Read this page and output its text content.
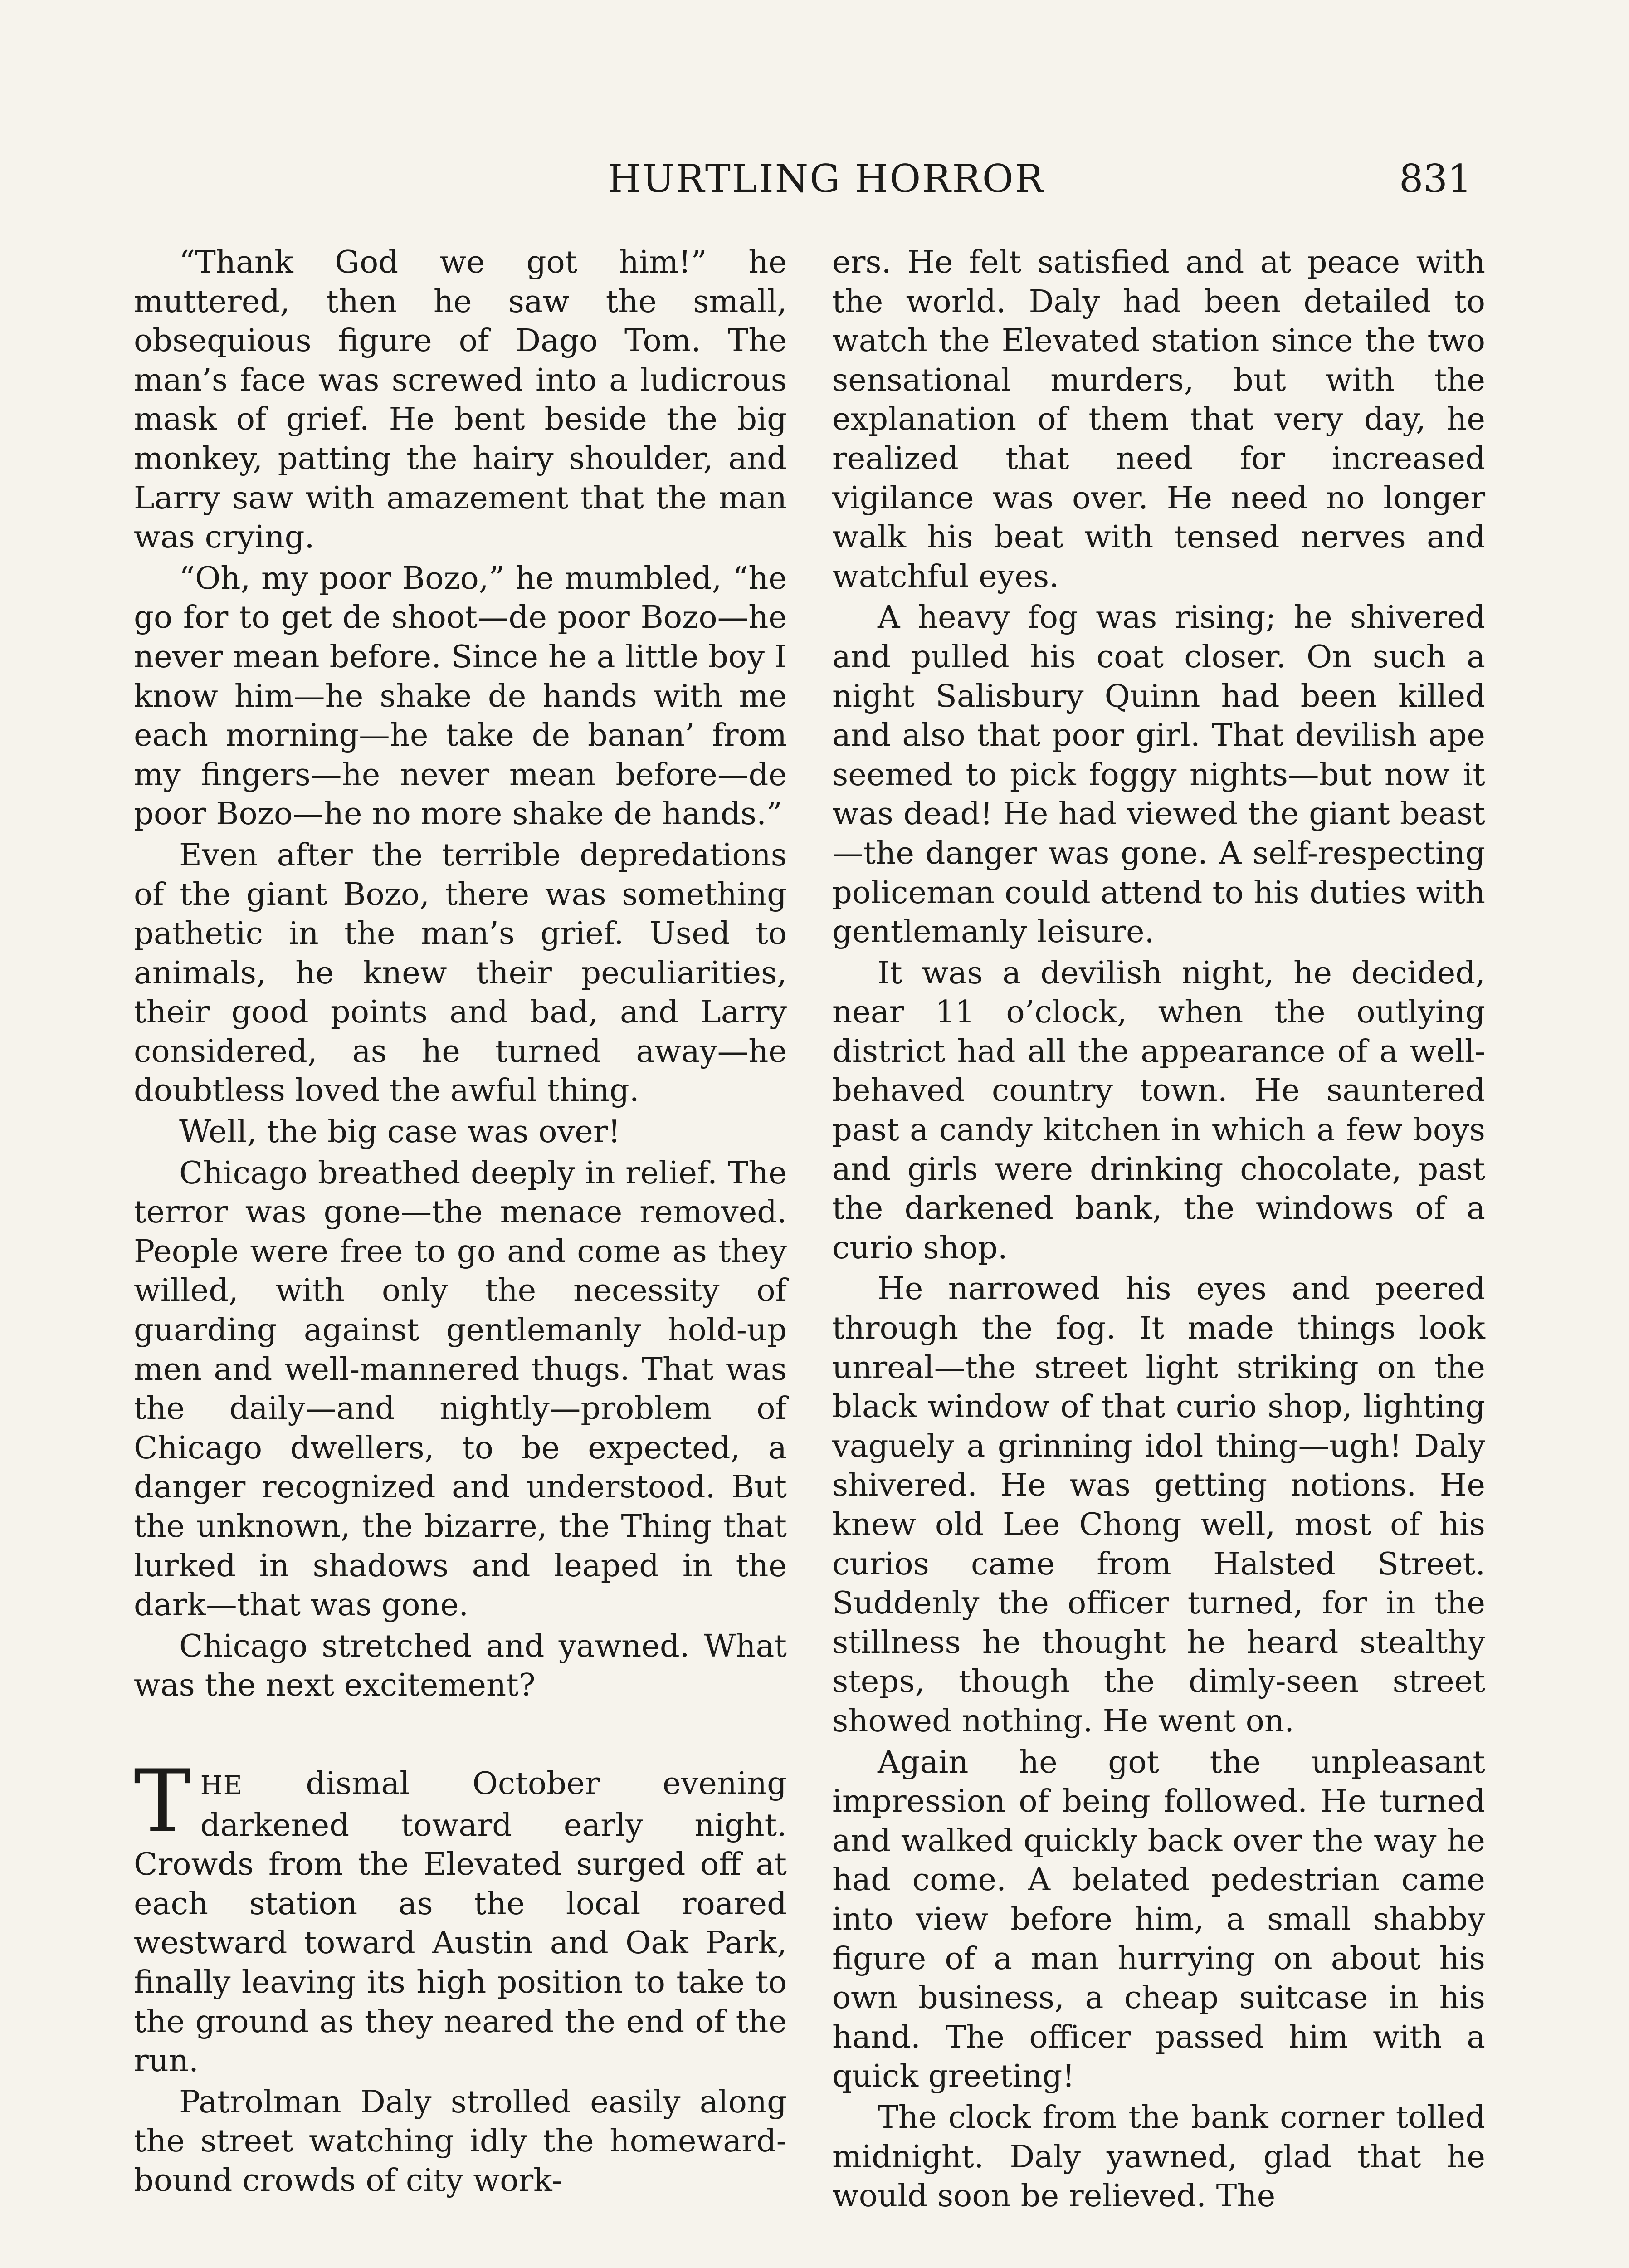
HURTLING HORROR	831

“Thank God we got him!” he muttered, then he saw the small, obsequious figure of Dago Tom. The man’s face was screwed into a ludicrous mask of grief. He bent beside the big monkey, patting the hairy shoulder, and Larry saw with amazement that the man was crying.

“Oh, my poor Bozo,” he mumbled, “he go for to get de shoot—de poor Bozo—he never mean before. Since he a little boy I know him—he shake de hands with me each morning—he take de banan’ from my fingers—he never mean before—de poor Bozo—he no more shake de hands.”

Even after the terrible depredations of the giant Bozo, there was something pathetic in the man’s grief. Used to animals, he knew their peculiarities, their good points and bad, and Larry considered, as he turned away—he doubtless loved the awful thing.

Well, the big case was over!

Chicago breathed deeply in relief. The terror was gone—the menace removed. People were free to go and come as they willed, with only the necessity of guarding against gentlemanly hold-up men and well-mannered thugs. That was the daily—and nightly—problem of Chicago dwellers, to be expected, a danger recognized and understood. But the unknown, the bizarre, the Thing that lurked in shadows and leaped in the dark—that was gone.

Chicago stretched and yawned. What was the next excitement?

THE dismal October evening darkened toward early night. Crowds from the Elevated surged off at each station as the local roared westward toward Austin and Oak Park, finally leaving its high position to take to the ground as they neared the end of the run.

Patrolman Daly strolled easily along the street watching idly the homeward-bound crowds of city work-

ers. He felt satisfied and at peace with the world. Daly had been detailed to watch the Elevated station since the two sensational murders, but with the explanation of them that very day, he realized that need for increased vigilance was over. He need no longer walk his beat with tensed nerves and watchful eyes.

A heavy fog was rising; he shivered and pulled his coat closer. On such a night Salisbury Quinn had been killed and also that poor girl. That devilish ape seemed to pick foggy nights—but now it was dead! He had viewed the giant beast—the danger was gone. A self-respecting policeman could attend to his duties with gentlemanly leisure.

It was a devilish night, he decided, near 11 o’clock, when the outlying district had all the appearance of a well-behaved country town. He sauntered past a candy kitchen in which a few boys and girls were drinking chocolate, past the darkened bank, the windows of a curio shop.

He narrowed his eyes and peered through the fog. It made things look unreal—the street light striking on the black window of that curio shop, lighting vaguely a grinning idol thing—ugh! Daly shivered. He was getting notions. He knew old Lee Chong well, most of his curios came from Halsted Street. Suddenly the officer turned, for in the stillness he thought he heard stealthy steps, though the dimly-seen street showed nothing. He went on.

Again he got the unpleasant impression of being followed. He turned and walked quickly back over the way he had come. A belated pedestrian came into view before him, a small shabby figure of a man hurrying on about his own business, a cheap suitcase in his hand. The officer passed him with a quick greeting!

The clock from the bank corner tolled midnight. Daly yawned, glad that he would soon be relieved. The
